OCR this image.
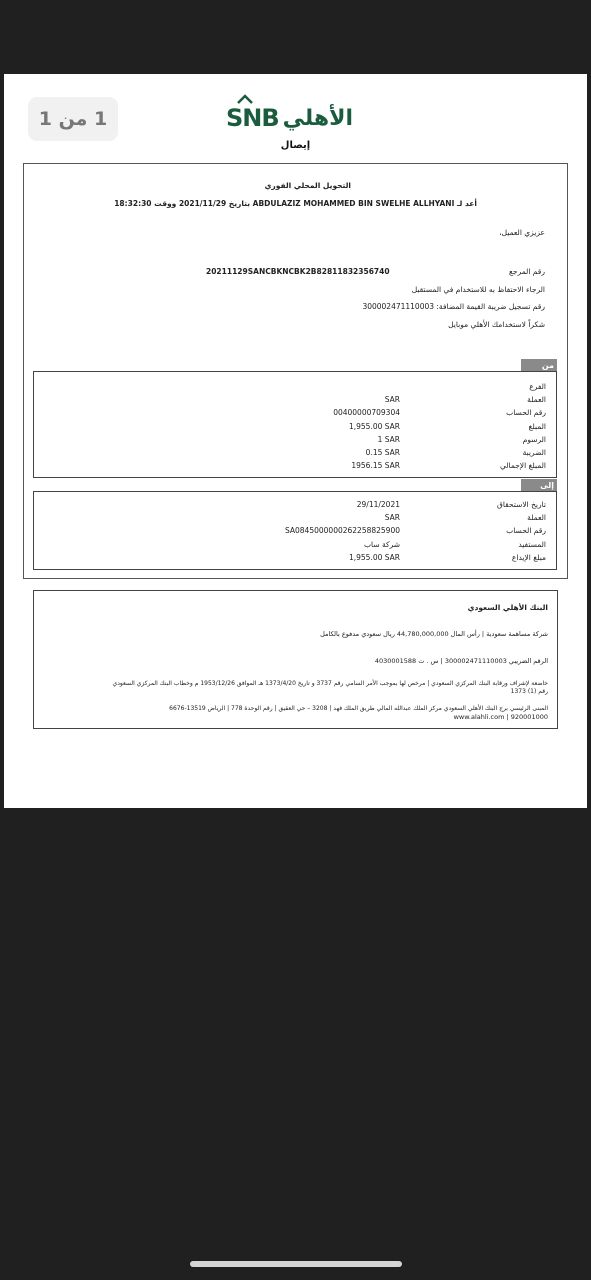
1 من 1	SNB الأهلي
إيصال
التحويل المحلي الفوري
أعد لـ ABDULAZIZ MOHAMMED BIN SWELHE ALLHYANI بتاريخ 2021/11/29 ووقت 18:32:30
عزيزي العميل،
رقم المرجع
20211129SANCBKNCBK2B82811832356740
الرجاء الاحتفاظ به للاستخدام في المستقبل
رقم تسجيل ضريبة القيمة المضافة: 300002471110003
شكراً لاستخدامك الأهلي موبايل
من
الفرع
العملة
SAR
رقم الحساب
00400000709304
المبلغ
1,955.00 SAR
الرسوم
1 SAR
الضريبة
0.15 SAR
المبلغ الإجمالي
1956.15 SAR
إلى
تاريخ الاستحقاق
29/11/2021
العملة
SAR
رقم الحساب
SA0845000000262258825900
المستفيد
شركة ساب
مبلغ الإيداع
1,955.00 SAR
البنك الأهلي السعودي
شركة مساهمة سعودية | رأس المال 44,780,000,000 ريال سعودي مدفوع بالكامل
الرقم الضريبي 300002471110003 | س . ت 4030001588
خاضعة لإشراف ورقابة البنك المركزي السعودي | مرخص لها بموجب الأمر السامي رقم 3737 و تاريخ 1373/4/20 هـ الموافق 1953/12/26 م وخطاب البنك المركزي السعودي
رقم (1) 1373
المبنى الرئيسي برج البنك الأهلي السعودي مركز الملك عبدالله المالي طريق الملك فهد | 3208 – حي العقيق | رقم الوحدة 778 | الرياض 13519-6676
920001000 | www.alahli.com
